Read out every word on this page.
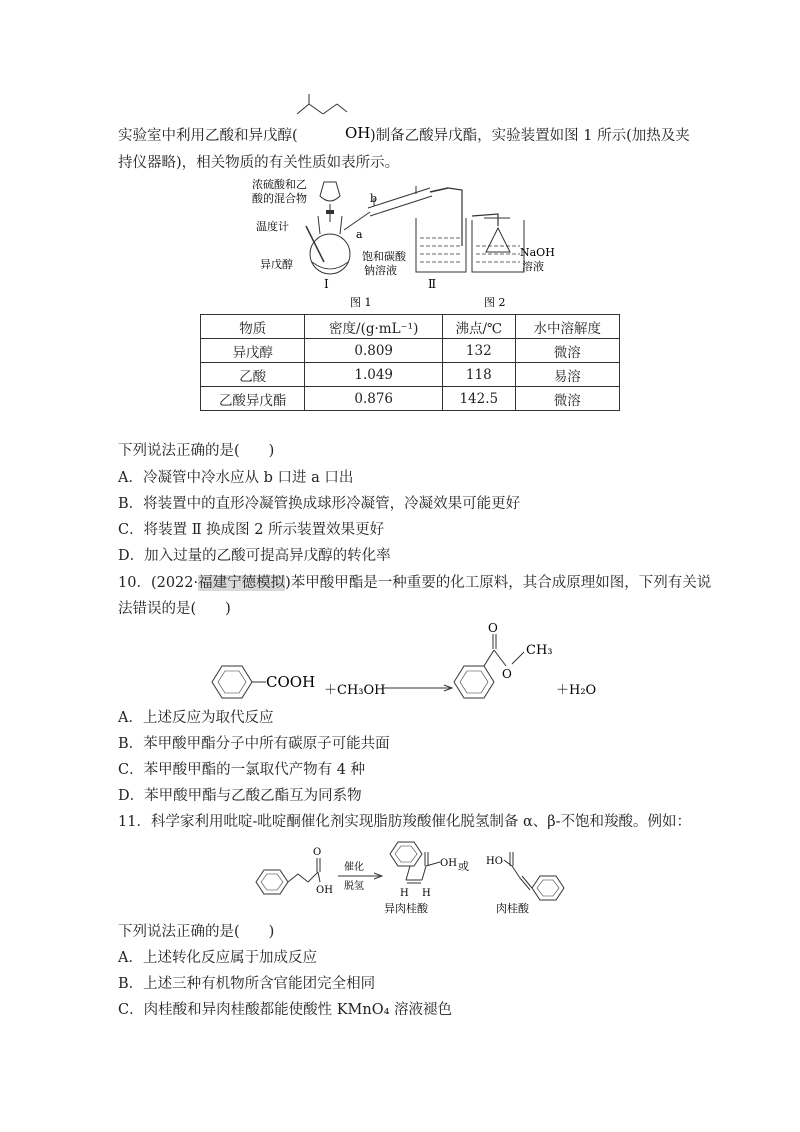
实验室中利用乙酸和异戊醇(	OH )制备乙酸异戊酯，实验装置如图 1 所示(加热及夹
持仪器略)，相关物质的有关性质如表所示。
浓硫酸和乙
酸的混合物
温度计
异戊醇
b
a
饱和碳酸
钠溶液
NaOH
溶液
Ⅰ	Ⅱ
图 1	图 2
物质	密度/(g·mL⁻¹)	沸点/℃	水中溶解度
异戊醇	0.809	132	微溶
乙酸	1.049	118	易溶
乙酸异戊酯	0.876	142.5	微溶
下列说法正确的是(　　)
A．冷凝管中冷水应从 b 口进 a 口出
B．将装置中的直形冷凝管换成球形冷凝管，冷凝效果可能更好
C．将装置 Ⅱ 换成图 2 所示装置效果更好
D．加入过量的乙酸可提高异戊醇的转化率
10．(2022·福建宁德模拟)苯甲酸甲酯是一种重要的化工原料，其合成原理如图，下列有关说
法错误的是(　　)
COOH ＋CH₃OH
O
O
CH₃
＋H₂O
A．上述反应为取代反应
B．苯甲酸甲酯分子中所有碳原子可能共面
C．苯甲酸甲酯的一氯取代产物有 4 种
D．苯甲酸甲酯与乙酸乙酯互为同系物
11．科学家利用吡啶-吡啶酮催化剂实现脂肪羧酸催化脱氢制备 α、β-不饱和羧酸。例如：
O
OH
催化
脱氢
OH
H H
异肉桂酸
或 HO
肉桂酸
下列说法正确的是(　　)
A．上述转化反应属于加成反应
B．上述三种有机物所含官能团完全相同
C．肉桂酸和异肉桂酸都能使酸性 KMnO₄ 溶液褪色
